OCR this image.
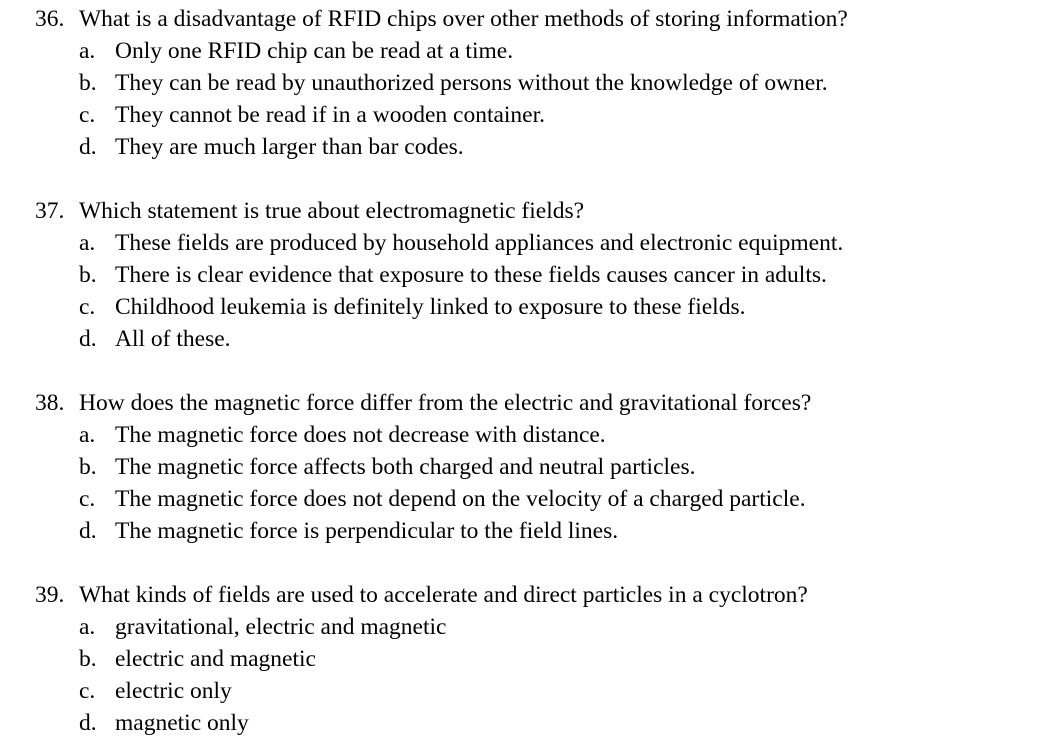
36. What is a disadvantage of RFID chips over other methods of storing information?
a. Only one RFID chip can be read at a time.
b. They can be read by unauthorized persons without the knowledge of owner.
c. They cannot be read if in a wooden container.
d. They are much larger than bar codes.
37. Which statement is true about electromagnetic fields?
a. These fields are produced by household appliances and electronic equipment.
b. There is clear evidence that exposure to these fields causes cancer in adults.
c. Childhood leukemia is definitely linked to exposure to these fields.
d. All of these.
38. How does the magnetic force differ from the electric and gravitational forces?
a. The magnetic force does not decrease with distance.
b. The magnetic force affects both charged and neutral particles.
c. The magnetic force does not depend on the velocity of a charged particle.
d. The magnetic force is perpendicular to the field lines.
39. What kinds of fields are used to accelerate and direct particles in a cyclotron?
a. gravitational, electric and magnetic
b. electric and magnetic
c. electric only
d. magnetic only
